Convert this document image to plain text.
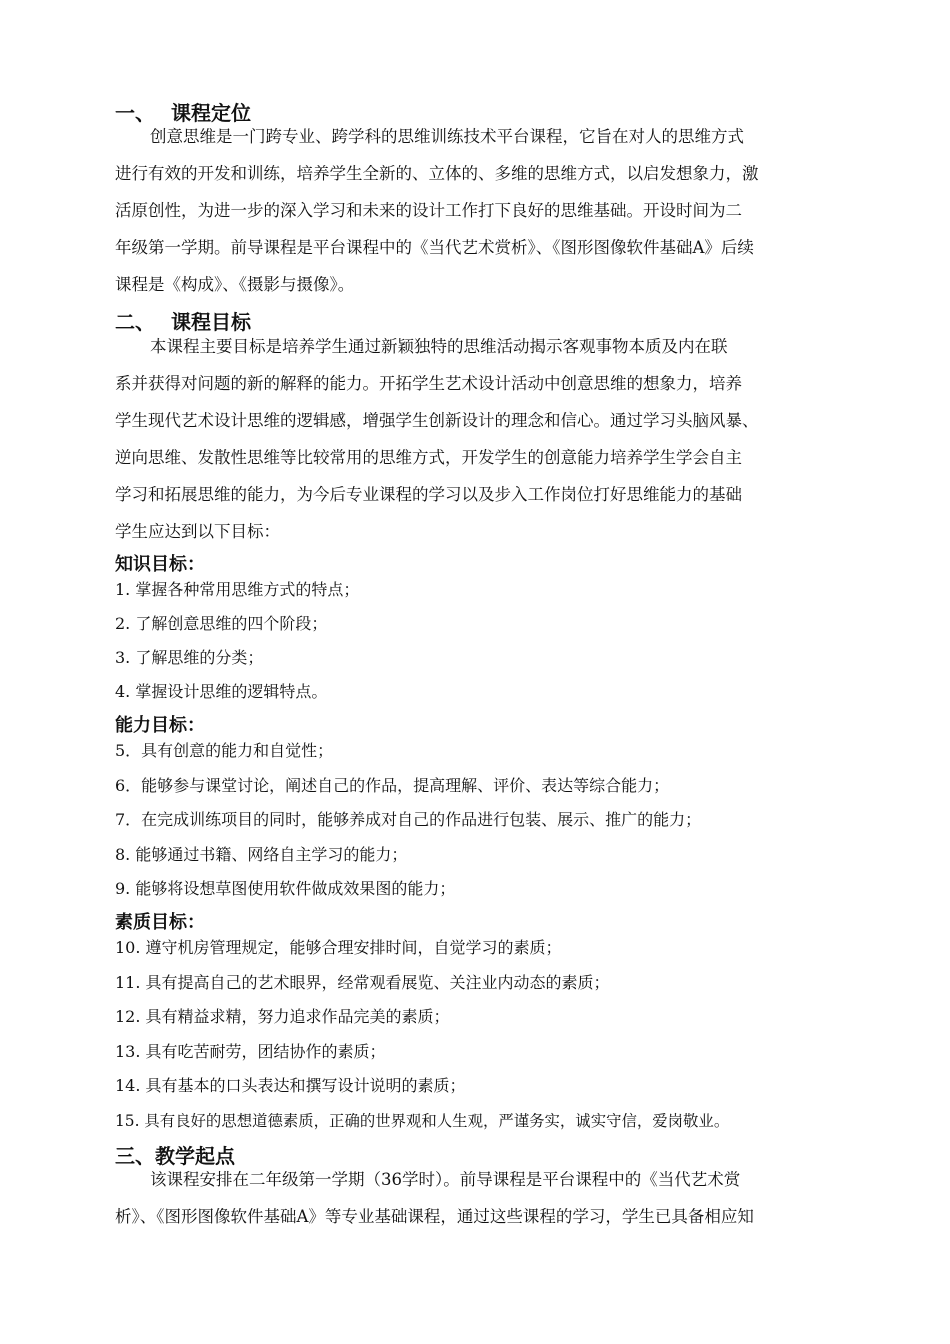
一、 课程定位
创意思维是一门跨专业、跨学科的思维训练技术平台课程，它旨在对人的思维方式
进行有效的开发和训练，培养学生全新的、立体的、多维的思维方式，以启发想象力，激
活原创性，为进一步的深入学习和未来的设计工作打下良好的思维基础。开设时间为二
年级第一学期。前导课程是平台课程中的《当代艺术赏析》、《图形图像软件基础A》后续
课程是《构成》、《摄影与摄像》。
二、 课程目标
本课程主要目标是培养学生通过新颖独特的思维活动揭示客观事物本质及内在联
系并获得对问题的新的解释的能力。开拓学生艺术设计活动中创意思维的想象力，培养
学生现代艺术设计思维的逻辑感，增强学生创新设计的理念和信心。通过学习头脑风暴、
逆向思维、发散性思维等比较常用的思维方式，开发学生的创意能力培养学生学会自主
学习和拓展思维的能力，为今后专业课程的学习以及步入工作岗位打好思维能力的基础
学生应达到以下目标：
知识目标：
1. 掌握各种常用思维方式的特点；
2. 了解创意思维的四个阶段；
3. 了解思维的分类；
4. 掌握设计思维的逻辑特点。
能力目标：
5．具有创意的能力和自觉性；
6．能够参与课堂讨论，阐述自己的作品，提高理解、评价、表达等综合能力；
7．在完成训练项目的同时，能够养成对自己的作品进行包装、展示、推广的能力；
8. 能够通过书籍、网络自主学习的能力；
9. 能够将设想草图使用软件做成效果图的能力；
素质目标：
10. 遵守机房管理规定，能够合理安排时间，自觉学习的素质；
11. 具有提高自己的艺术眼界，经常观看展览、关注业内动态的素质；
12. 具有精益求精，努力追求作品完美的素质；
13. 具有吃苦耐劳，团结协作的素质；
14. 具有基本的口头表达和撰写设计说明的素质；
15. 具有良好的思想道德素质，正确的世界观和人生观，严谨务实，诚实守信，爱岗敬业。
三、教学起点
该课程安排在二年级第一学期（36学时）。前导课程是平台课程中的《当代艺术赏
析》、《图形图像软件基础A》等专业基础课程，通过这些课程的学习，学生已具备相应知
